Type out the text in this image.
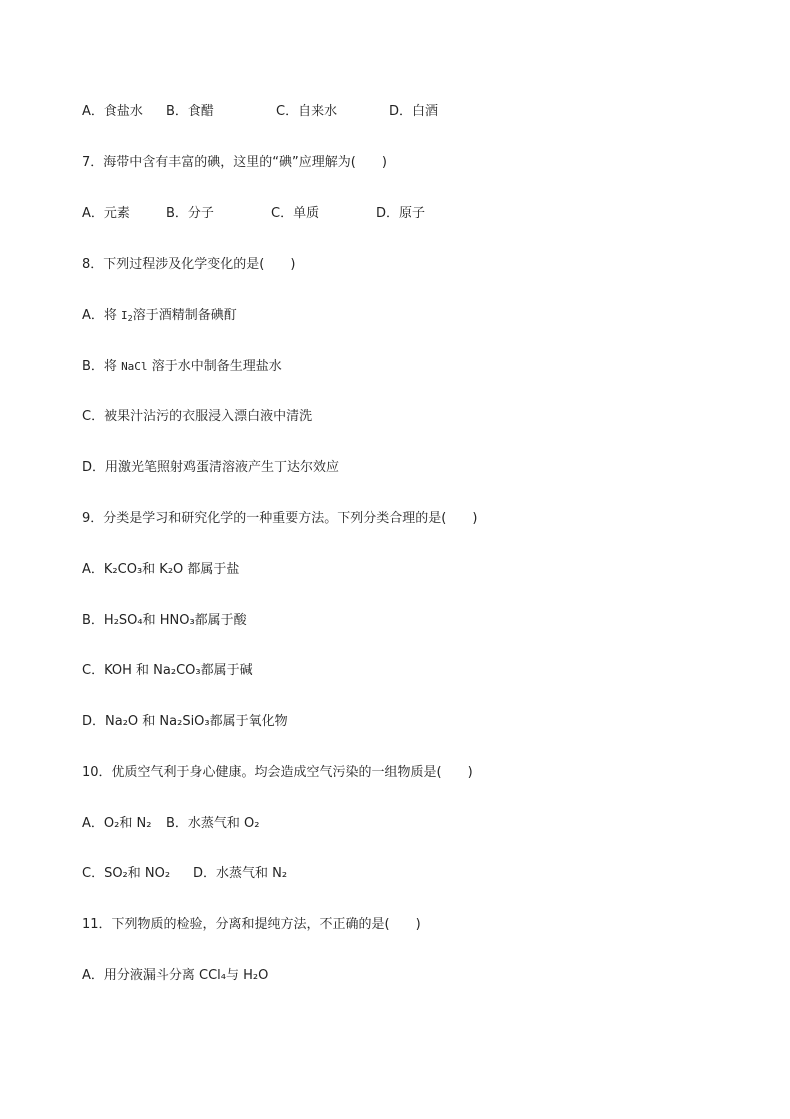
A．食盐水 B．食醋	C．自来水	D．白酒
7．海带中含有丰富的碘，这里的“碘”应理解为(　　)
A．元素	B．分子	C．单质	D．原子
8．下列过程涉及化学变化的是(　　)
A．将 $I_2$溶于酒精制备碘酊
B．将 NaCl 溶于水中制备生理盐水
C．被果汁沾污的衣服浸入漂白液中清洗
D．用激光笔照射鸡蛋清溶液产生丁达尔效应
9．分类是学习和研究化学的一种重要方法。下列分类合理的是(　　)
A．K₂CO₃和 K₂O 都属于盐
B．H₂SO₄和 HNO₃都属于酸
C．KOH 和 Na₂CO₃都属于碱
D．Na₂O 和 Na₂SiO₃都属于氧化物
10．优质空气利于身心健康。均会造成空气污染的一组物质是(　　)
A．O₂和 N₂ B．水蒸气和 O₂
C．SO₂和 NO₂ D．水蒸气和 N₂
11．下列物质的检验，分离和提纯方法，不正确的是(　　)
A．用分液漏斗分离 CCl₄与 H₂O
